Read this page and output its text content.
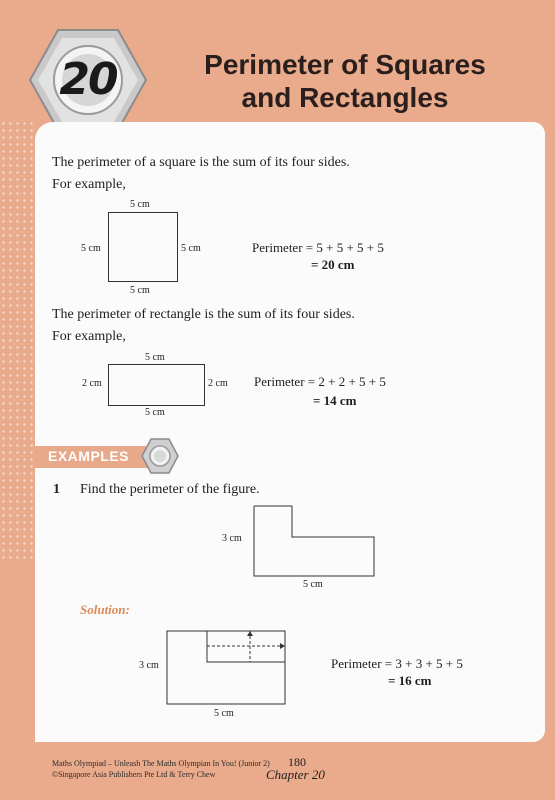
20	Perimeter of Squares
and Rectangles
The perimeter of a square is the sum of its four sides.
For example,
5 cm
5 cm	5 cm
5 cm
Perimeter = 5 + 5 + 5 + 5
= 20 cm
The perimeter of rectangle is the sum of its four sides.
For example,
5 cm
2 cm	2 cm
5 cm
Perimeter = 2 + 2 + 5 + 5
= 14 cm
EXAMPLES
1 Find the perimeter of the figure.
3 cm
5 cm
Solution:
3 cm
5 cm
Perimeter = 3 + 3 + 5 + 5
= 16 cm
Maths Olympiad – Unleash The Maths Olympian In You! (Junior 2)
©Singapore Asia Publishers Pte Ltd & Terry Chew
180
Chapter 20
